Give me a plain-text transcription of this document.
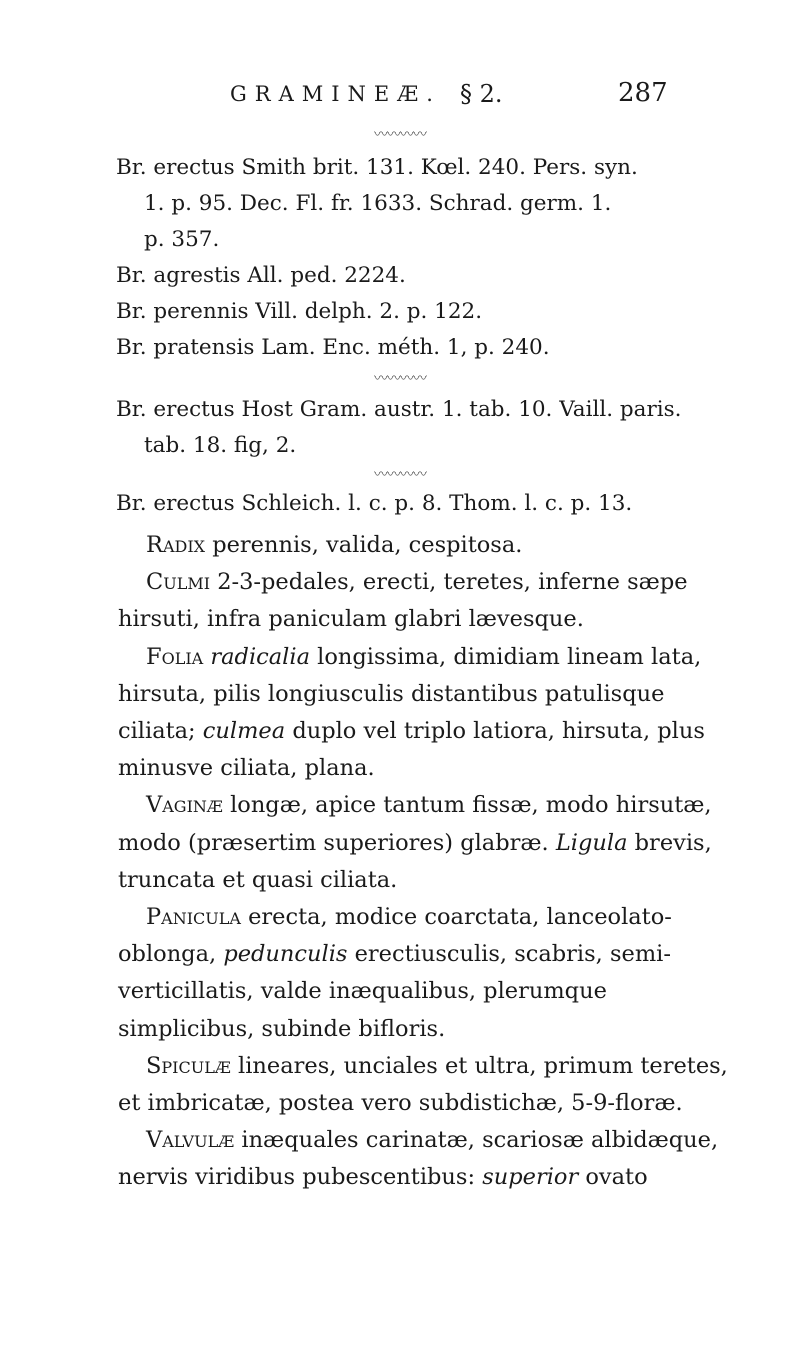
GRAMINEÆ. § 2.	287
〰〰〰〰
Br. erectus Smith brit. 131. Kœl. 240. Pers. syn.
1. p. 95. Dec. Fl. fr. 1633. Schrad. germ. 1.
p. 357.
Br. agrestis All. ped. 2224.
Br. perennis Vill. delph. 2. p. 122.
Br. pratensis Lam. Enc. méth. 1, p. 240.
〰〰〰〰
Br. erectus Host Gram. austr. 1. tab. 10. Vaill. paris.
tab. 18. fig, 2.
〰〰〰〰
Br. erectus Schleich. l. c. p. 8. Thom. l. c. p. 13.

Radix perennis, valida, cespitosa.

Culmi 2-3-pedales, erecti, teretes, inferne sæpe hirsuti, infra paniculam glabri lævesque.

Folia radicalia longissima, dimidiam lineam lata, hirsuta, pilis longiusculis distantibus patulisque ciliata; culmea duplo vel triplo latiora, hirsuta, plus minusve ciliata, plana.

Vaginæ longæ, apice tantum fissæ, modo hirsutæ, modo (præsertim superiores) glabræ. Ligula brevis, truncata et quasi ciliata.

Panicula erecta, modice coarctata, lanceolato-oblonga, pedunculis erectiusculis, scabris, semi-verticillatis, valde inæqualibus, plerumque simplicibus, subinde bifloris.

Spiculæ lineares, unciales et ultra, primum teretes, et imbricatæ, postea vero subdistichæ, 5-9-floræ.

Valvulæ inæquales carinatæ, scariosæ albidæque, nervis viridibus pubescentibus: superior ovato
